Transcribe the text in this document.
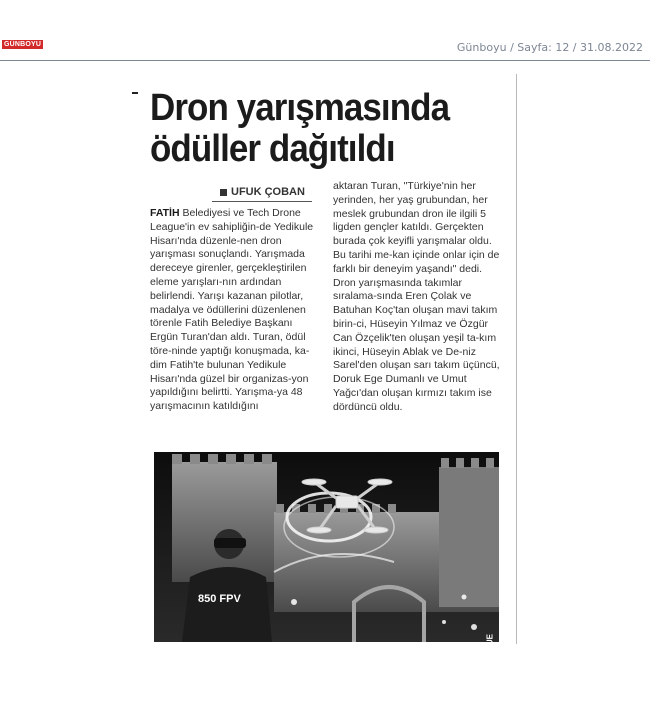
GÜNBOYU	Günboyu / Sayfa: 12 / 31.08.2022
Dron yarışmasında
ödüller dağıtıldı
UFUK ÇOBAN

FATİH Belediyesi ve Tech Drone League'in ev sahipliğin-de Yedikule Hisarı'nda düzenle-nen dron yarışması sonuçlandı. Yarışmada dereceye girenler, gerçekleştirilen eleme yarışları-nın ardından belirlendi. Yarışı kazanan pilotlar, madalya ve ödüllerini düzenlenen törenle Fatih Belediye Başkanı Ergün Turan'dan aldı. Turan, ödül töre-ninde yaptığı konuşmada, ka-dim Fatih'te bulunan Yedikule Hisarı'nda güzel bir organizas-yon yapıldığını belirtti. Yarışma-ya 48 yarışmacının katıldığını

aktaran Turan, "Türkiye'nin her yerinden, her yaş grubundan, her meslek grubundan dron ile ilgili 5 ligden gençler katıldı. Gerçekten burada çok keyifli yarışmalar oldu. Bu tarihi me-kan içinde onlar için de farklı bir deneyim yaşandı" dedi. Dron yarışmasında takımlar sıralama-sında Eren Çolak ve Batuhan Koç'tan oluşan mavi takım birin-ci, Hüseyin Yılmaz ve Özgür Can Özçelik'ten oluşan yeşil ta-kım ikinci, Hüseyin Ablak ve De-niz Sarel'den oluşan sarı takım üçüncü, Doruk Ege Dumanlı ve Umut Yağcı'dan oluşan kırmızı takım ise dördüncü oldu.

850 FPV
TECH DRONE LEAGUE
